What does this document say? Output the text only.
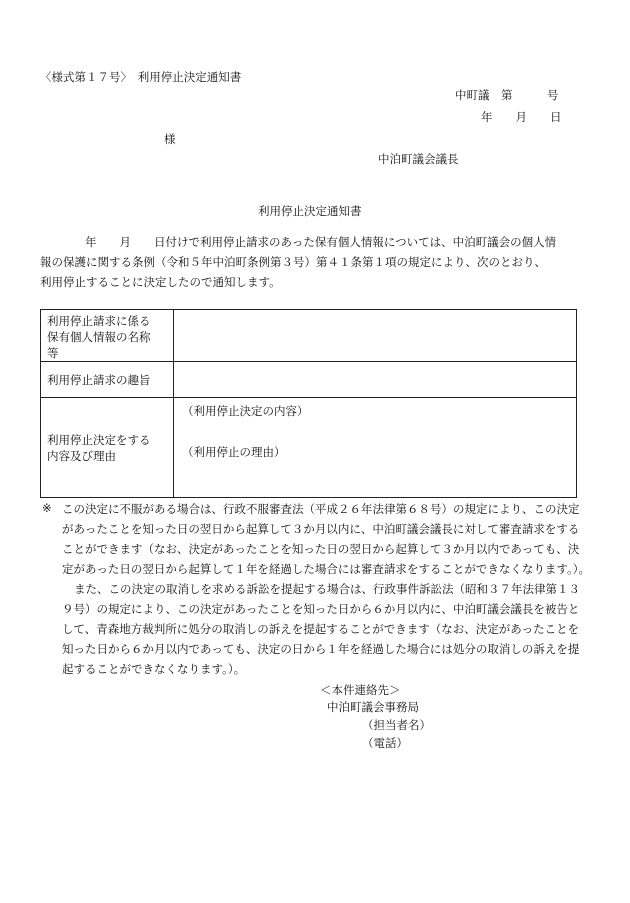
〈様式第１７号〉　利用停止決定通知書
中町議　第　　　号
年　　月　　日
様
中泊町議会議長
利用停止決定通知書
年　　月　　日付けで利用停止請求のあった保有個人情報については、中泊町議会の個人情
報の保護に関する条例（令和５年中泊町条例第３号）第４１条第１項の規定により、次のとおり、
利用停止することに決定したので通知します。
利用停止請求に係る
保有個人情報の名称
等	

利用停止請求の趣旨	

利用停止決定をする
内容及び理由	（利用停止決定の内容）
（利用停止の理由）
※ この決定に不服がある場合は、行政不服審査法（平成２６年法律第６８号）の規定により、この決定
があったことを知った日の翌日から起算して３か月以内に、中泊町議会議長に対して審査請求をする
ことができます（なお、決定があったことを知った日の翌日から起算して３か月以内であっても、決
定があった日の翌日から起算して１年を経過した場合には審査請求をすることができなくなります。）。
また、この決定の取消しを求める訴訟を提起する場合は、行政事件訴訟法（昭和３７年法律第１３
９号）の規定により、この決定があったことを知った日から６か月以内に、中泊町議会議長を被告と
して、青森地方裁判所に処分の取消しの訴えを提起することができます（なお、決定があったことを
知った日から６か月以内であっても、決定の日から１年を経過した場合には処分の取消しの訴えを提
起することができなくなります。）。
＜本件連絡先＞
中泊町議会事務局
（担当者名）
（電話）
